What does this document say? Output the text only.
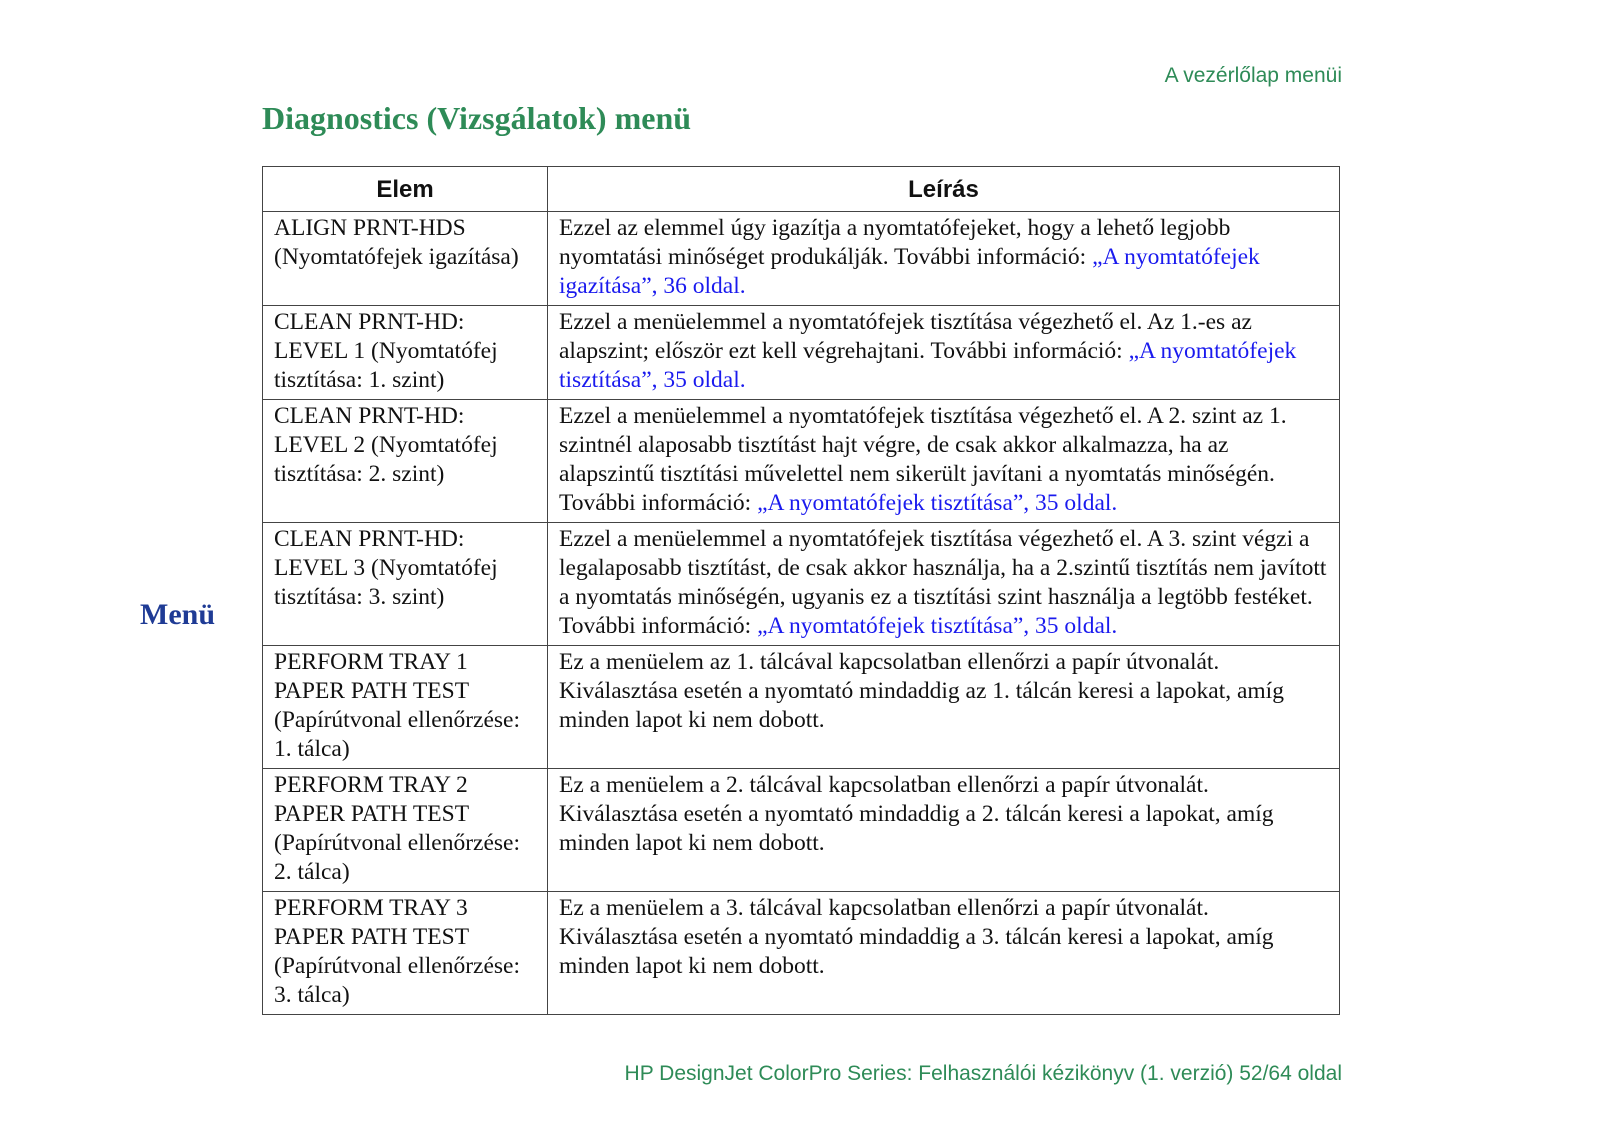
A vezérlőlap menüi
Diagnostics (Vizsgálatok) menü
Menü
Elem	Leírás
ALIGN PRNT-HDS (Nyomtatófejek igazítása)	Ezzel az elemmel úgy igazítja a nyomtatófejeket, hogy a lehető legjobb nyomtatási minőséget produkálják. További információ: „A nyomtatófejek igazítása”, 36 oldal.
CLEAN PRNT-HD: LEVEL 1 (Nyomtatófej tisztítása: 1. szint)	Ezzel a menüelemmel a nyomtatófejek tisztítása végezhető el. Az 1.-es az alapszint; először ezt kell végrehajtani. További információ: „A nyomtatófejek tisztítása”, 35 oldal.
CLEAN PRNT-HD: LEVEL 2 (Nyomtatófej tisztítása: 2. szint)	Ezzel a menüelemmel a nyomtatófejek tisztítása végezhető el. A 2. szint az 1. szintnél alaposabb tisztítást hajt végre, de csak akkor alkalmazza, ha az alapszintű tisztítási művelettel nem sikerült javítani a nyomtatás minőségén. További információ: „A nyomtatófejek tisztítása”, 35 oldal.
CLEAN PRNT-HD: LEVEL 3 (Nyomtatófej tisztítása: 3. szint)	Ezzel a menüelemmel a nyomtatófejek tisztítása végezhető el. A 3. szint végzi a legalaposabb tisztítást, de csak akkor használja, ha a 2.szintű tisztítás nem javított a nyomtatás minőségén, ugyanis ez a tisztítási szint használja a legtöbb festéket. További információ: „A nyomtatófejek tisztítása”, 35 oldal.
PERFORM TRAY 1 PAPER PATH TEST (Papírútvonal ellenőrzése: 1. tálca)	Ez a menüelem az 1. tálcával kapcsolatban ellenőrzi a papír útvonalát. Kiválasztása esetén a nyomtató mindaddig az 1. tálcán keresi a lapokat, amíg minden lapot ki nem dobott.
PERFORM TRAY 2 PAPER PATH TEST (Papírútvonal ellenőrzése: 2. tálca)	Ez a menüelem a 2. tálcával kapcsolatban ellenőrzi a papír útvonalát. Kiválasztása esetén a nyomtató mindaddig a 2. tálcán keresi a lapokat, amíg minden lapot ki nem dobott.
PERFORM TRAY 3 PAPER PATH TEST (Papírútvonal ellenőrzése: 3. tálca)	Ez a menüelem a 3. tálcával kapcsolatban ellenőrzi a papír útvonalát. Kiválasztása esetén a nyomtató mindaddig a 3. tálcán keresi a lapokat, amíg minden lapot ki nem dobott.
HP DesignJet ColorPro Series: Felhasználói kézikönyv (1. verzió) 52/64 oldal
